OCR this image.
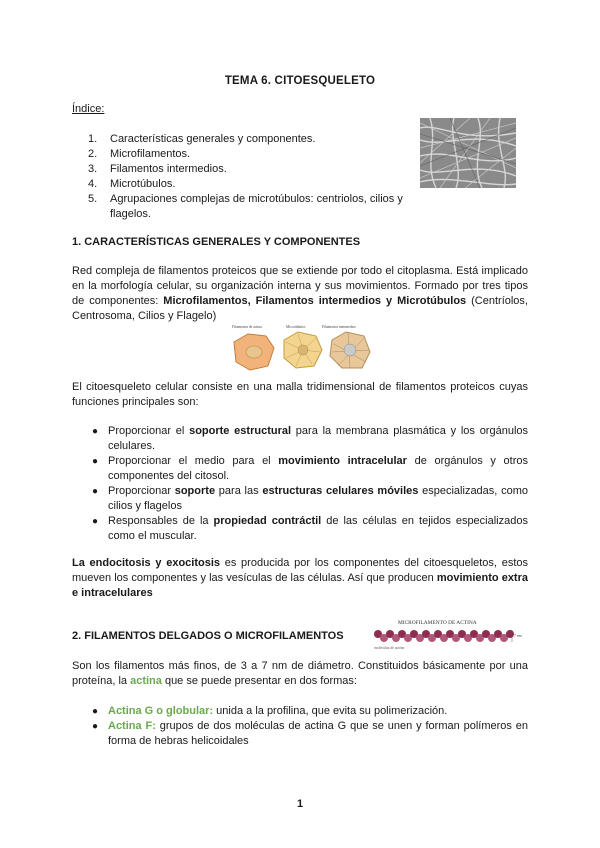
TEMA 6. CITOESQUELETO
Índice:
1.	Características generales y componentes.
2.	Microfilamentos.
3.	Filamentos intermedios.
4.	Microtúbulos.
5.	Agrupaciones complejas de microtúbulos: centriolos, cilios y flagelos.
1. CARACTERÍSTICAS GENERALES Y COMPONENTES
Red compleja de filamentos proteicos que se extiende por todo el citoplasma. Está implicado en la morfología celular, su organización interna y sus movimientos. Formado por tres tipos de componentes: Microfilamentos, Filamentos intermedios y Microtúbulos (Centríolos, Centrosoma, Cilios y Flagelo)
Filamentos de actina	Microtúbulos	Filamentos intermedios
El citoesqueleto celular consiste en una malla tridimensional de filamentos proteicos cuyas funciones principales son:
● Proporcionar el soporte estructural para la membrana plasmática y los orgánulos celulares.
● Proporcionar el medio para el movimiento intracelular de orgánulos y otros componentes del citosol.
● Proporcionar soporte para las estructuras celulares móviles especializadas, como cilios y flagelos
● Responsables de la propiedad contráctil de las células en tejidos especializados como el muscular.
La endocitosis y exocitosis es producida por los componentes del citoesqueletos, estos mueven los componentes y las vesículas de las células. Así que producen movimiento extra e intracelulares
2. FILAMENTOS DELGADOS O MICROFILAMENTOS
MICROFILAMENTO DE ACTINA
moléculas de actina
7 nm
Son los filamentos más finos, de 3 a 7 nm de diámetro. Constituidos básicamente por una proteína, la actina que se puede presentar en dos formas:
● Actina G o globular: unida a la profilina, que evita su polimerización.
● Actina F: grupos de dos moléculas de actina G que se unen y forman polímeros en forma de hebras helicoidales
1
